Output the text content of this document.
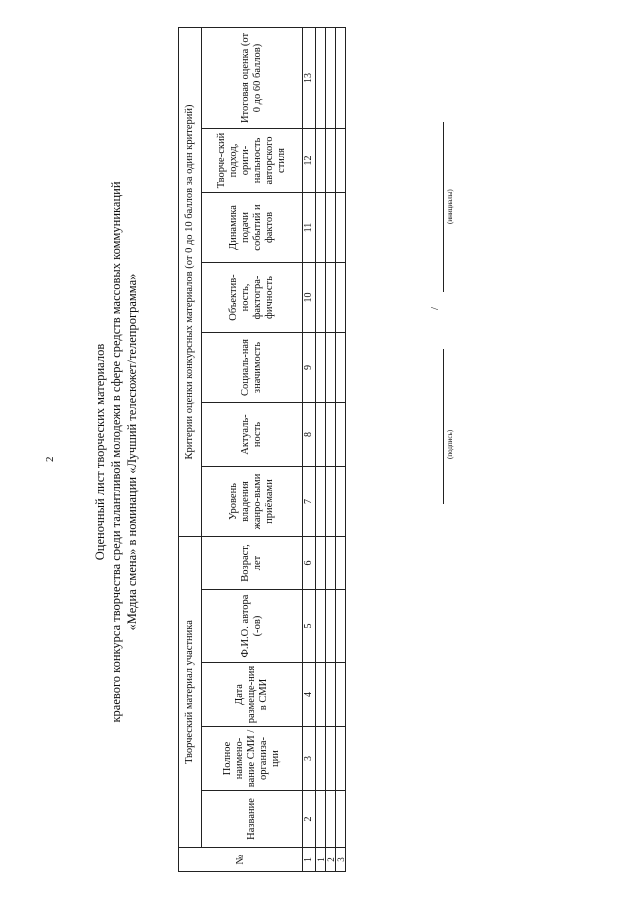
2	Оценочный лист творческих материалов краевого конкурса творчества среди талантливой молодежи в сфере средств массовых коммуникаций «Медиа смена» в номинации «Лучший телесюжет/телепрограмма»
№	Творческий материал участника					Критерии оценки конкурсных материалов (от 0 до 10 баллов за один критерий)						
	Название	Полное наимено-вание СМИ / организа-ции	Дата размеще-ния в СМИ	Ф.И.О. автора (-ов)	Возраст, лет	Уровень владения жанро-выми приёмами	Актуаль-ность	Социаль-ная значимость	Объектив-ность, фактогра-фичность	Динамика подачи событий и фактов	Творче-ский подход, ориги-нальность авторского стиля	Итоговая оценка (от 0 до 60 баллов)
1	2	3	4	5	6	7	8	9	10	11	12	13
1												
2												
3												
/
(подпись)
(инициалы)
